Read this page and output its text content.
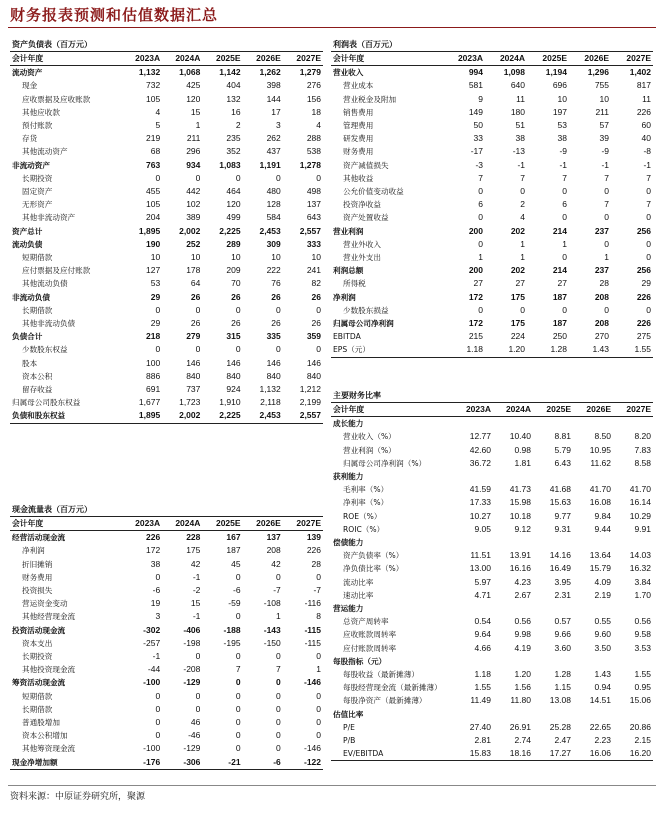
财务报表预测和估值数据汇总
资产负债表（百万元）
会计年度	2023A	2024A	2025E	2026E	2027E
流动资产	1,132	1,068	1,142	1,262	1,279
现金	732	425	404	398	276
应收票据及应收账款	105	120	132	144	156
其他应收款	4	15	16	17	18
预付账款	5	1	2	3	4
存货	219	211	235	262	288
其他流动资产	68	296	352	437	538
非流动资产	763	934	1,083	1,191	1,278
长期投资	0	0	0	0	0
固定资产	455	442	464	480	498
无形资产	105	102	120	128	137
其他非流动资产	204	389	499	584	643
资产总计	1,895	2,002	2,225	2,453	2,557
流动负债	190	252	289	309	333
短期借款	10	10	10	10	10
应付票据及应付账款	127	178	209	222	241
其他流动负债	53	64	70	76	82
非流动负债	29	26	26	26	26
长期借款	0	0	0	0	0
其他非流动负债	29	26	26	26	26
负债合计	218	279	315	335	359
少数股东权益	0	0	0	0	0
股本	100	146	146	146	146
资本公积	886	840	840	840	840
留存收益	691	737	924	1,132	1,212
归属母公司股东权益	1,677	1,723	1,910	2,118	2,199
负债和股东权益	1,895	2,002	2,225	2,453	2,557
利润表（百万元）
会计年度	2023A	2024A	2025E	2026E	2027E
营业收入	994	1,098	1,194	1,296	1,402
营业成本	581	640	696	755	817
营业税金及附加	9	11	10	10	11
销售费用	149	180	197	211	226
管理费用	50	51	53	57	60
研发费用	33	38	38	39	40
财务费用	-17	-13	-9	-9	-8
资产减值损失	-3	-1	-1	-1	-1
其他收益	7	7	7	7	7
公允价值变动收益	0	0	0	0	0
投资净收益	6	2	6	7	7
资产处置收益	0	4	0	0	0
营业利润	200	202	214	237	256
营业外收入	0	1	1	0	0
营业外支出	1	1	0	1	0
利润总额	200	202	214	237	256
所得税	27	27	27	28	29
净利润	172	175	187	208	226
少数股东损益	0	0	0	0	0
归属母公司净利润	172	175	187	208	226
EBITDA	215	224	250	270	275
EPS（元）	1.18	1.20	1.28	1.43	1.55
现金流量表（百万元）
会计年度	2023A	2024A	2025E	2026E	2027E
经营活动现金流	226	228	167	137	139
净利润	172	175	187	208	226
折旧摊销	38	42	45	42	28
财务费用	0	-1	0	0	0
投资损失	-6	-2	-6	-7	-7
营运资金变动	19	15	-59	-108	-116
其他经营现金流	3	-1	0	1	8
投资活动现金流	-302	-406	-188	-143	-115
资本支出	-257	-198	-195	-150	-115
长期投资	-1	0	0	0	0
其他投资现金流	-44	-208	7	7	1
筹资活动现金流	-100	-129	0	0	-146
短期借款	0	0	0	0	0
长期借款	0	0	0	0	0
普通股增加	0	46	0	0	0
资本公积增加	0	-46	0	0	0
其他筹资现金流	-100	-129	0	0	-146
现金净增加额	-176	-306	-21	-6	-122
主要财务比率
会计年度	2023A	2024A	2025E	2026E	2027E
成长能力					
营业收入（%）	12.77	10.40	8.81	8.50	8.20
营业利润（%）	42.60	0.98	5.79	10.95	7.83
归属母公司净利润（%）	36.72	1.81	6.43	11.62	8.58
获利能力					
毛利率（%）	41.59	41.73	41.68	41.70	41.70
净利率（%）	17.33	15.98	15.63	16.08	16.14
ROE（%）	10.27	10.18	9.77	9.84	10.29
ROIC（%）	9.05	9.12	9.31	9.44	9.91
偿债能力					
资产负债率（%）	11.51	13.91	14.16	13.64	14.03
净负债比率（%）	13.00	16.16	16.49	15.79	16.32
流动比率	5.97	4.23	3.95	4.09	3.84
速动比率	4.71	2.67	2.31	2.19	1.70
营运能力					
总资产周转率	0.54	0.56	0.57	0.55	0.56
应收账款周转率	9.64	9.98	9.66	9.60	9.58
应付账款周转率	4.66	4.19	3.60	3.50	3.53
每股指标（元）					
每股收益（最新摊薄）	1.18	1.20	1.28	1.43	1.55
每股经营现金流（最新摊薄）	1.55	1.56	1.15	0.94	0.95
每股净资产（最新摊薄）	11.49	11.80	13.08	14.51	15.06
估值比率					
P/E	27.40	26.91	25.28	22.65	20.86
P/B	2.81	2.74	2.47	2.23	2.15
EV/EBITDA	15.83	18.16	17.27	16.06	16.20
资料来源：中原证券研究所，聚源
